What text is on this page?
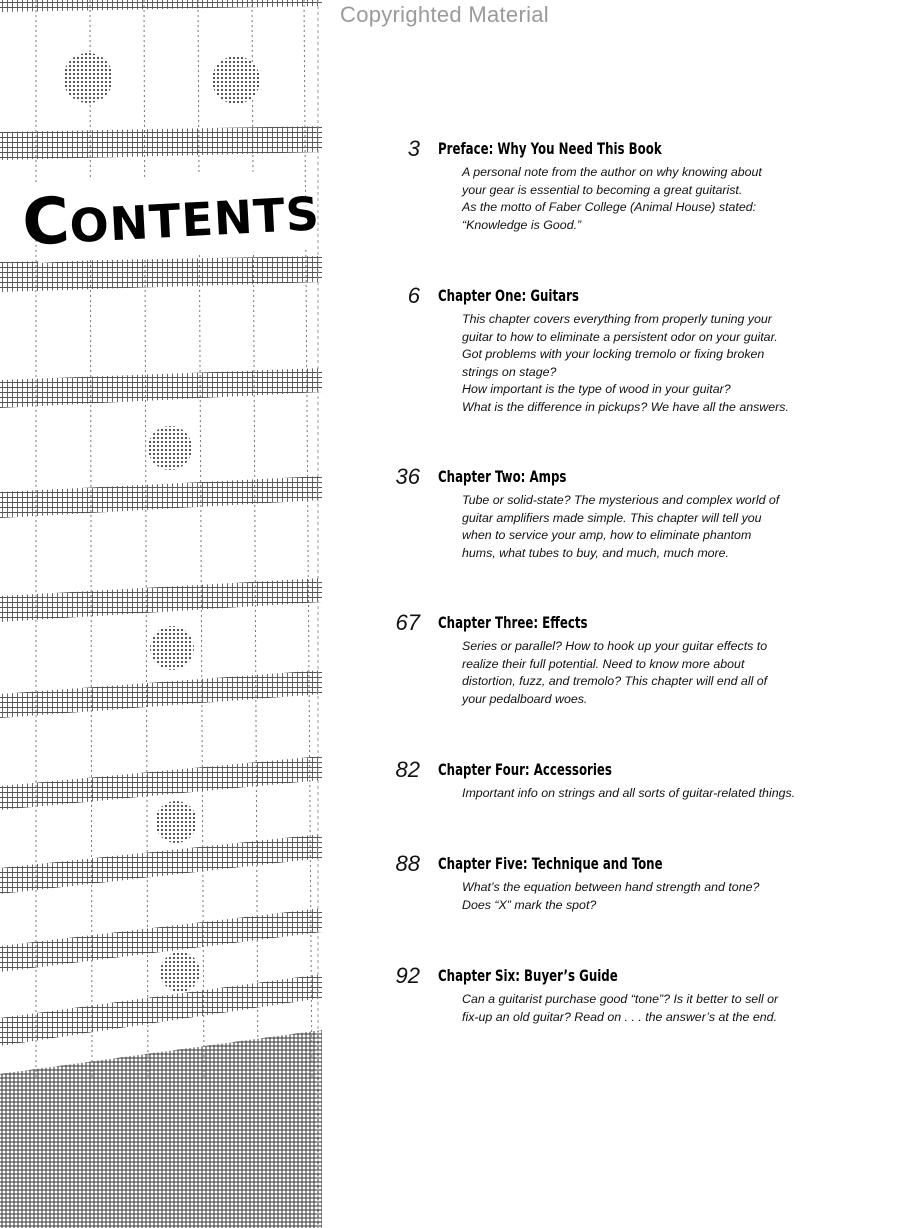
Copyrighted Material
C
ONTENTS
3 Preface: Why You Need This Book
A personal note from the author on why knowing about
your gear is essential to becoming a great guitarist.
As the motto of Faber College (Animal House) stated:
“Knowledge is Good.”
6 Chapter One: Guitars
This chapter covers everything from properly tuning your
guitar to how to eliminate a persistent odor on your guitar.
Got problems with your locking tremolo or fixing broken
strings on stage?
How important is the type of wood in your guitar?
What is the difference in pickups? We have all the answers.
36 Chapter Two: Amps
Tube or solid-state? The mysterious and complex world of
guitar amplifiers made simple. This chapter will tell you
when to service your amp, how to eliminate phantom
hums, what tubes to buy, and much, much more.
67 Chapter Three: Effects
Series or parallel? How to hook up your guitar effects to
realize their full potential. Need to know more about
distortion, fuzz, and tremolo? This chapter will end all of
your pedalboard woes.
82 Chapter Four: Accessories
Important info on strings and all sorts of guitar-related things.
88 Chapter Five: Technique and Tone
What’s the equation between hand strength and tone?
Does “X” mark the spot?
92 Chapter Six: Buyer’s Guide
Can a guitarist purchase good “tone”? Is it better to sell or
fix-up an old guitar? Read on . . . the answer’s at the end.
